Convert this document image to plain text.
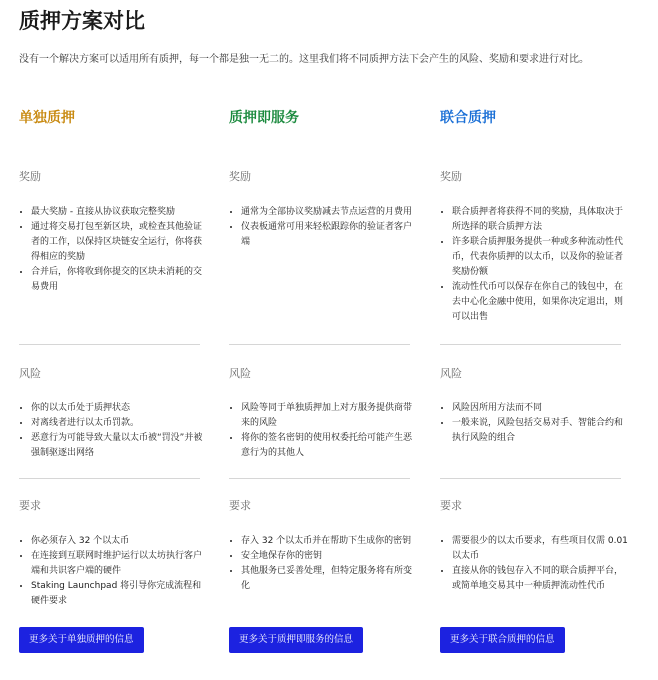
质押方案对比
没有一个解决方案可以适用所有质押，每一个都是独一无二的。这里我们将不同质押方法下会产生的风险、奖励和要求进行对比。
单独质押
奖励
• 最大奖励 - 直接从协议获取完整奖励
• 通过将交易打包至新区块，或检查其他验证者的工作，以保持区块链安全运行，你将获得相应的奖励
• 合并后，你将收到你提交的区块未消耗的交易费用
风险
• 你的以太币处于质押状态
• 对离线者进行以太币罚款。
• 恶意行为可能导致大量以太币被“罚没”并被强制驱逐出网络
要求
• 你必须存入 32 个以太币
• 在连接到互联网时维护运行以太坊执行客户端和共识客户端的硬件
• Staking Launchpad 将引导你完成流程和硬件要求
更多关于单独质押的信息
质押即服务
奖励
• 通常为全部协议奖励减去节点运营的月费用
• 仪表板通常可用来轻松跟踪你的验证者客户端
风险
• 风险等同于单独质押加上对方服务提供商带来的风险
• 将你的签名密钥的使用权委托给可能产生恶意行为的其他人
要求
• 存入 32 个以太币并在帮助下生成你的密钥
• 安全地保存你的密钥
• 其他服务已妥善处理，但特定服务将有所变化
更多关于质押即服务的信息
联合质押
奖励
• 联合质押者将获得不同的奖励，具体取决于所选择的联合质押方法
• 许多联合质押服务提供一种或多种流动性代币，代表你质押的以太币，以及你的验证者奖励份额
• 流动性代币可以保存在你自己的钱包中，在去中心化金融中使用，如果你决定退出，则可以出售
风险
• 风险因所用方法而不同
• 一般来说，风险包括交易对手、智能合约和执行风险的组合
要求
• 需要很少的以太币要求，有些项目仅需 0.01 以太币
• 直接从你的钱包存入不同的联合质押平台，或简单地交易其中一种质押流动性代币
更多关于联合质押的信息
